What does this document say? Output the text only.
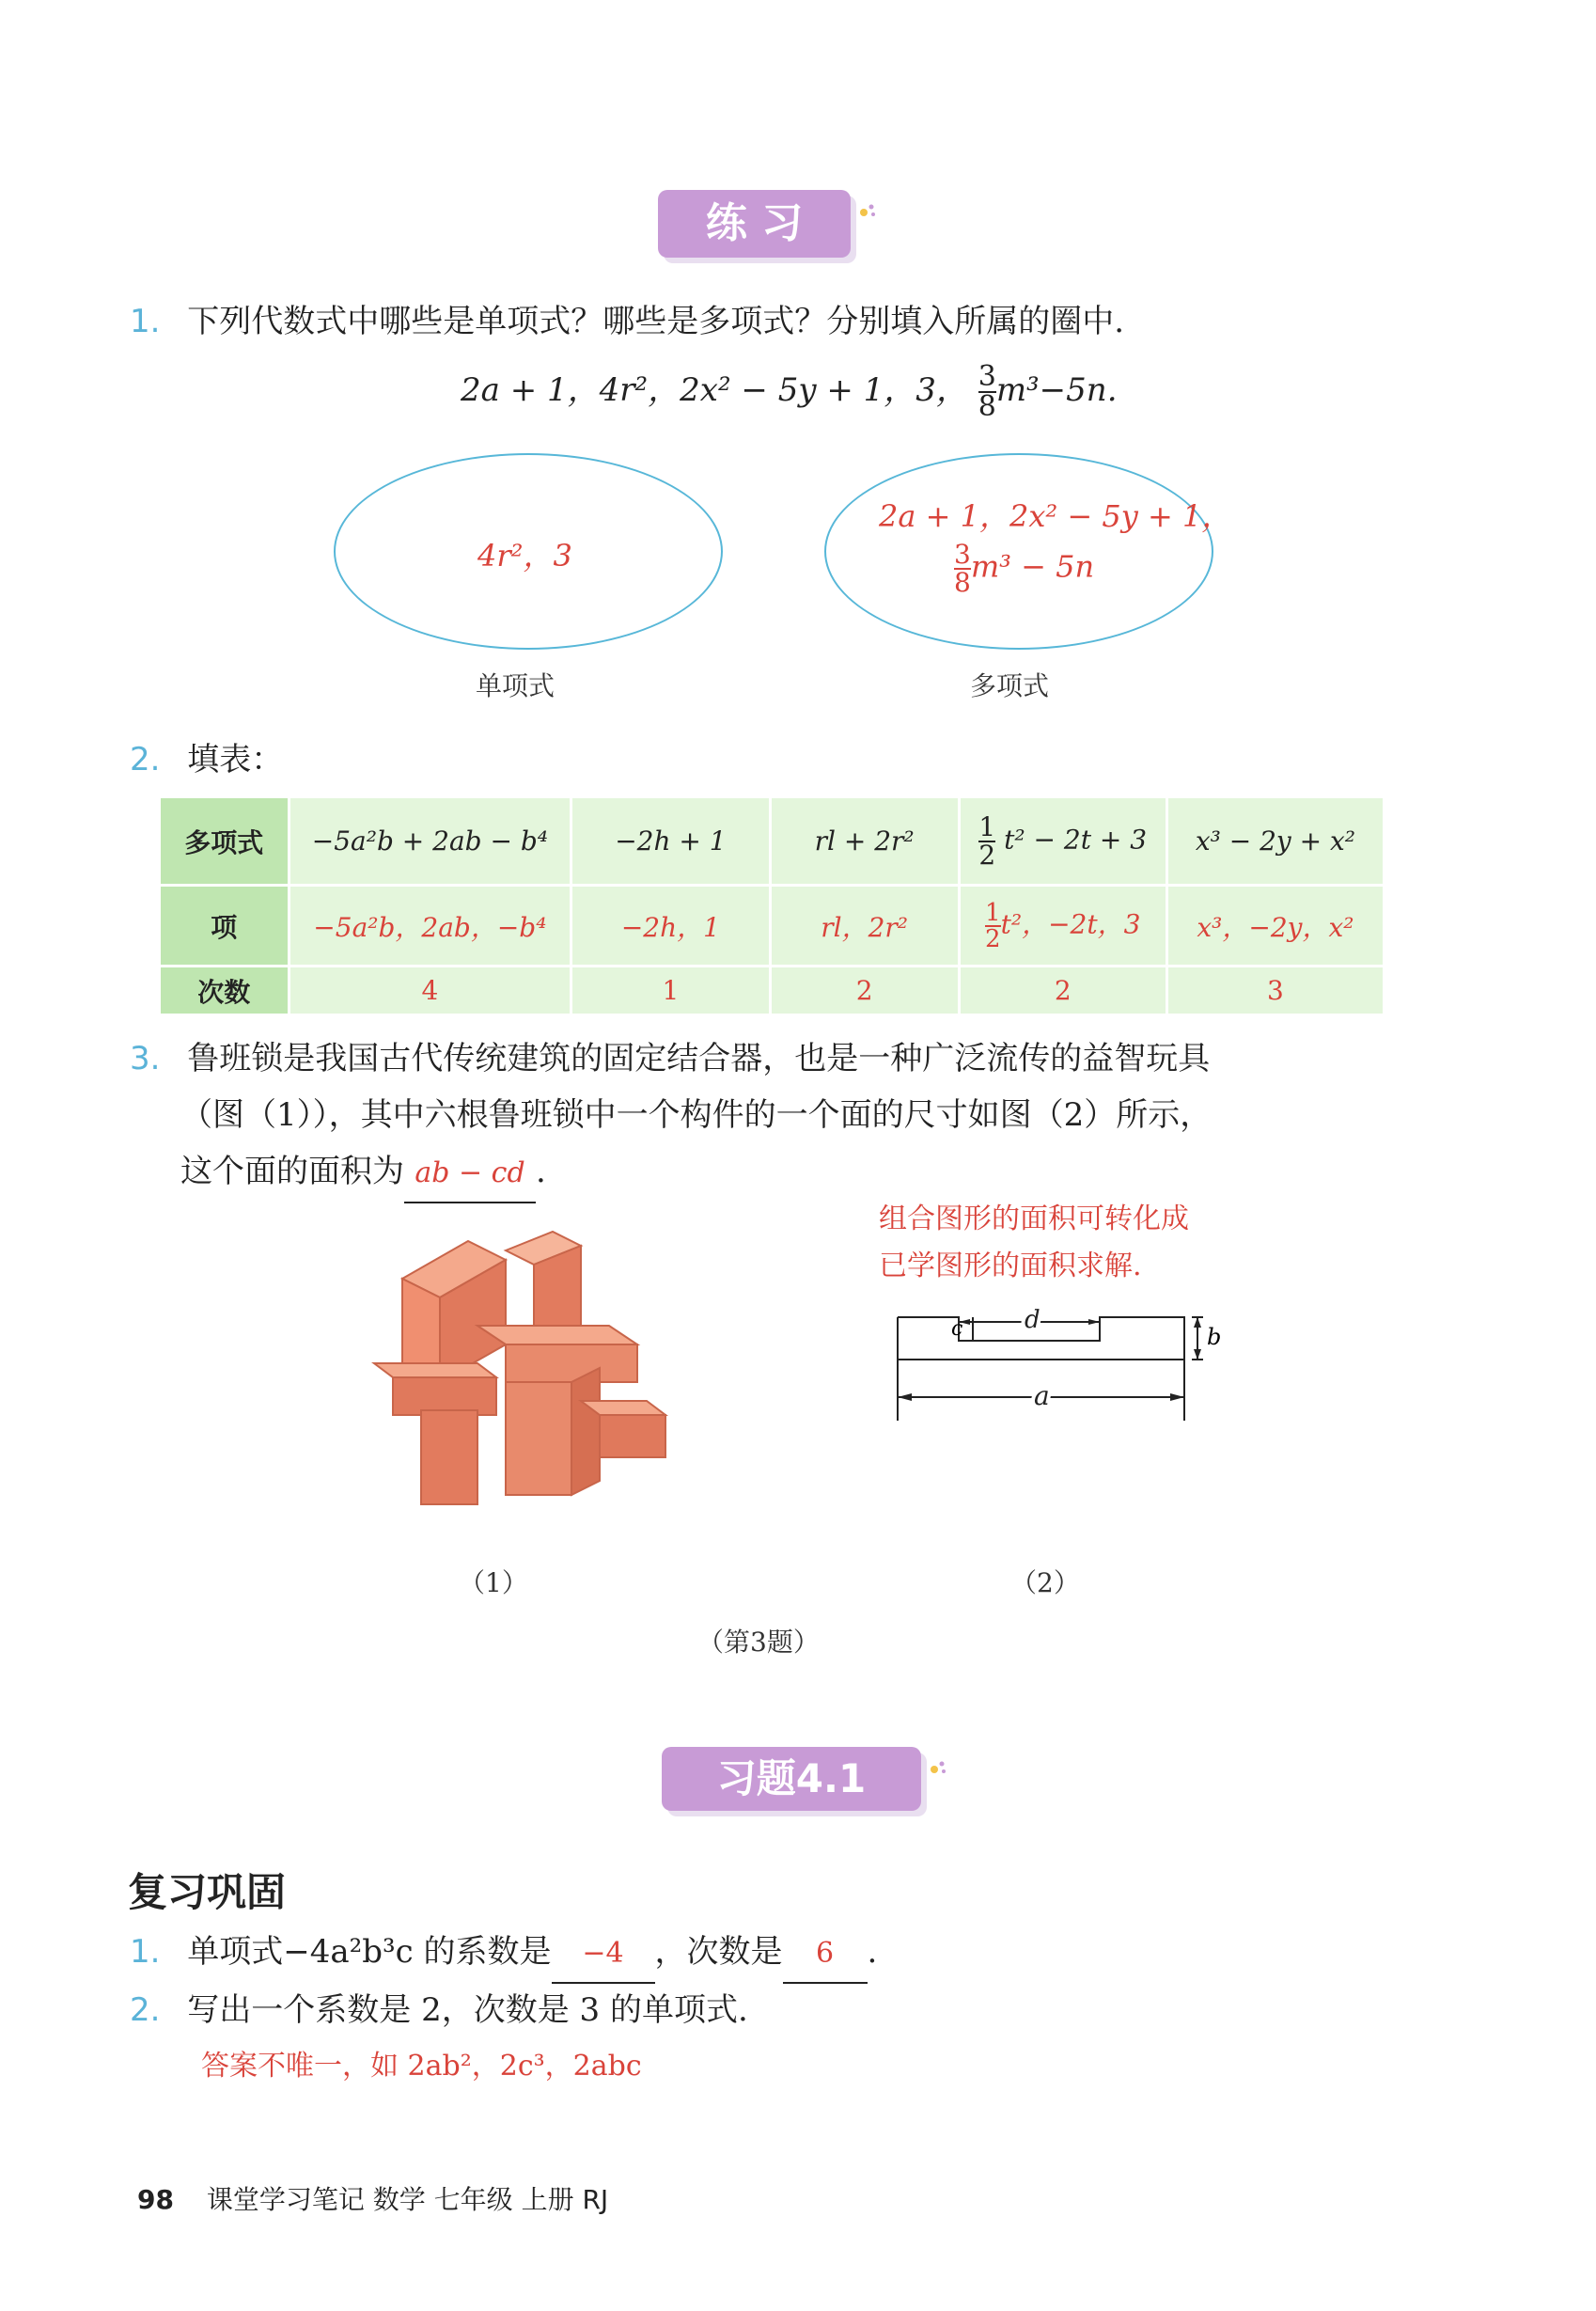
练 习
1. 下列代数式中哪些是单项式？哪些是多项式？分别填入所属的圈中.
2a + 1，4r²，2x² − 5y + 1，3， $\frac{3}{8} m^3-5n$.
4r²，3
2a + 1，2x² − 5y + 1，
$\frac{3}{8} m^3 - 5n$
单项式	多项式
2. 填表：
多项式	−5a²b + 2ab − b⁴	−2h + 1	rl + 2r²	$\frac{1}{2} t^2 - 2t + 3$	x³ − 2y + x²
项	−5a²b，2ab，−b⁴	−2h，1	rl，2r²	$\frac{1}{2} t^2$，−2t，3	x³，−2y，x²
次数	4	1	2	2	3
3. 鲁班锁是我国古代传统建筑的固定结合器，也是一种广泛流传的益智玩具
（图（1）），其中六根鲁班锁中一个构件的一个面的尺寸如图（2）所示，
这个面的面积为 ab − cd .
组合图形的面积可转化成
已学图形的面积求解.
c	d
b
a
（1）	（2）
（第3题）
习题4.1
复习巩固
1. 单项式−4a²b³c 的系数是 −4 ，次数是 6 .
2. 写出一个系数是 2，次数是 3 的单项式.
答案不唯一，如 2ab²，2c³，2abc
98 课堂学习笔记 数学 七年级 上册 RJ
